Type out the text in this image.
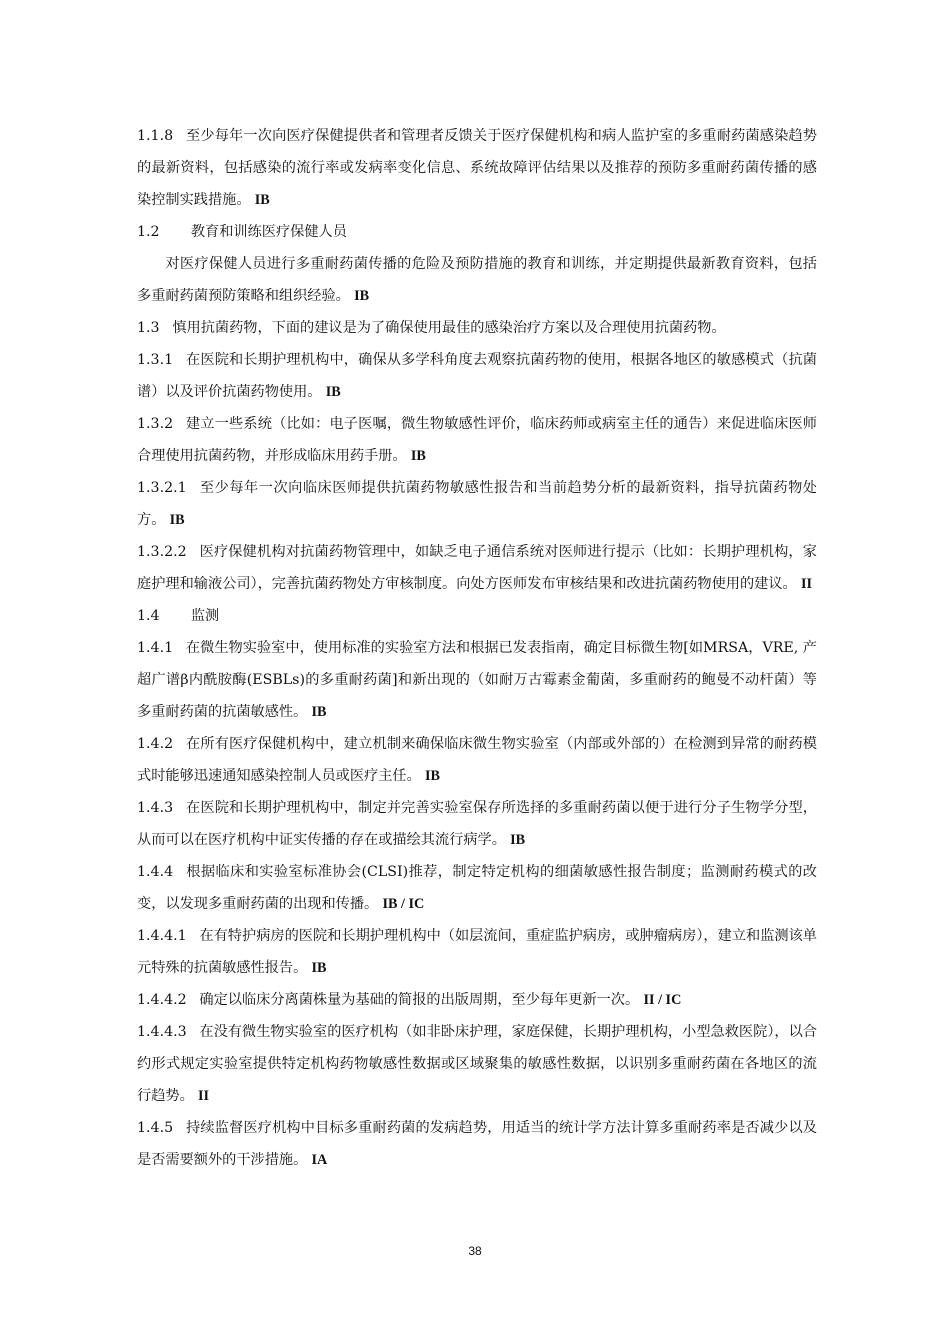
1.1.8 至少每年一次向医疗保健提供者和管理者反馈关于医疗保健机构和病人监护室的多重耐药菌感染趋势的最新资料，包括感染的流行率或发病率变化信息、系统故障评估结果以及推荐的预防多重耐药菌传播的感染控制实践措施。 IB

1.2 教育和训练医疗保健人员

对医疗保健人员进行多重耐药菌传播的危险及预防措施的教育和训练，并定期提供最新教育资料，包括多重耐药菌预防策略和组织经验。 IB

1.3 慎用抗菌药物，下面的建议是为了确保使用最佳的感染治疗方案以及合理使用抗菌药物。

1.3.1 在医院和长期护理机构中，确保从多学科角度去观察抗菌药物的使用，根据各地区的敏感模式（抗菌谱）以及评价抗菌药物使用。 IB

1.3.2 建立一些系统（比如：电子医嘱，微生物敏感性评价，临床药师或病室主任的通告）来促进临床医师合理使用抗菌药物，并形成临床用药手册。 IB

1.3.2.1 至少每年一次向临床医师提供抗菌药物敏感性报告和当前趋势分析的最新资料，指导抗菌药物处方。 IB

1.3.2.2 医疗保健机构对抗菌药物管理中，如缺乏电子通信系统对医师进行提示（比如：长期护理机构，家庭护理和输液公司），完善抗菌药物处方审核制度。向处方医师发布审核结果和改进抗菌药物使用的建议。 II

1.4 监测

1.4.1 在微生物实验室中，使用标准的实验室方法和根据已发表指南，确定目标微生物[如MRSA，VRE, 产超广谱β内酰胺酶(ESBLs)的多重耐药菌]和新出现的（如耐万古霉素金葡菌，多重耐药的鲍曼不动杆菌）等多重耐药菌的抗菌敏感性。 IB

1.4.2 在所有医疗保健机构中，建立机制来确保临床微生物实验室（内部或外部的）在检测到异常的耐药模式时能够迅速通知感染控制人员或医疗主任。 IB

1.4.3 在医院和长期护理机构中，制定并完善实验室保存所选择的多重耐药菌以便于进行分子生物学分型，从而可以在医疗机构中证实传播的存在或描绘其流行病学。 IB

1.4.4 根据临床和实验室标准协会(CLSI)推荐，制定特定机构的细菌敏感性报告制度；监测耐药模式的改变，以发现多重耐药菌的出现和传播。 IB / IC

1.4.4.1 在有特护病房的医院和长期护理机构中（如层流间，重症监护病房，或肿瘤病房），建立和监测该单元特殊的抗菌敏感性报告。 IB

1.4.4.2 确定以临床分离菌株量为基础的简报的出版周期，至少每年更新一次。 II / IC

1.4.4.3 在没有微生物实验室的医疗机构（如非卧床护理，家庭保健，长期护理机构，小型急救医院），以合约形式规定实验室提供特定机构药物敏感性数据或区域聚集的敏感性数据，以识别多重耐药菌在各地区的流行趋势。 II

1.4.5 持续监督医疗机构中目标多重耐药菌的发病趋势，用适当的统计学方法计算多重耐药率是否减少以及是否需要额外的干涉措施。 IA

38
